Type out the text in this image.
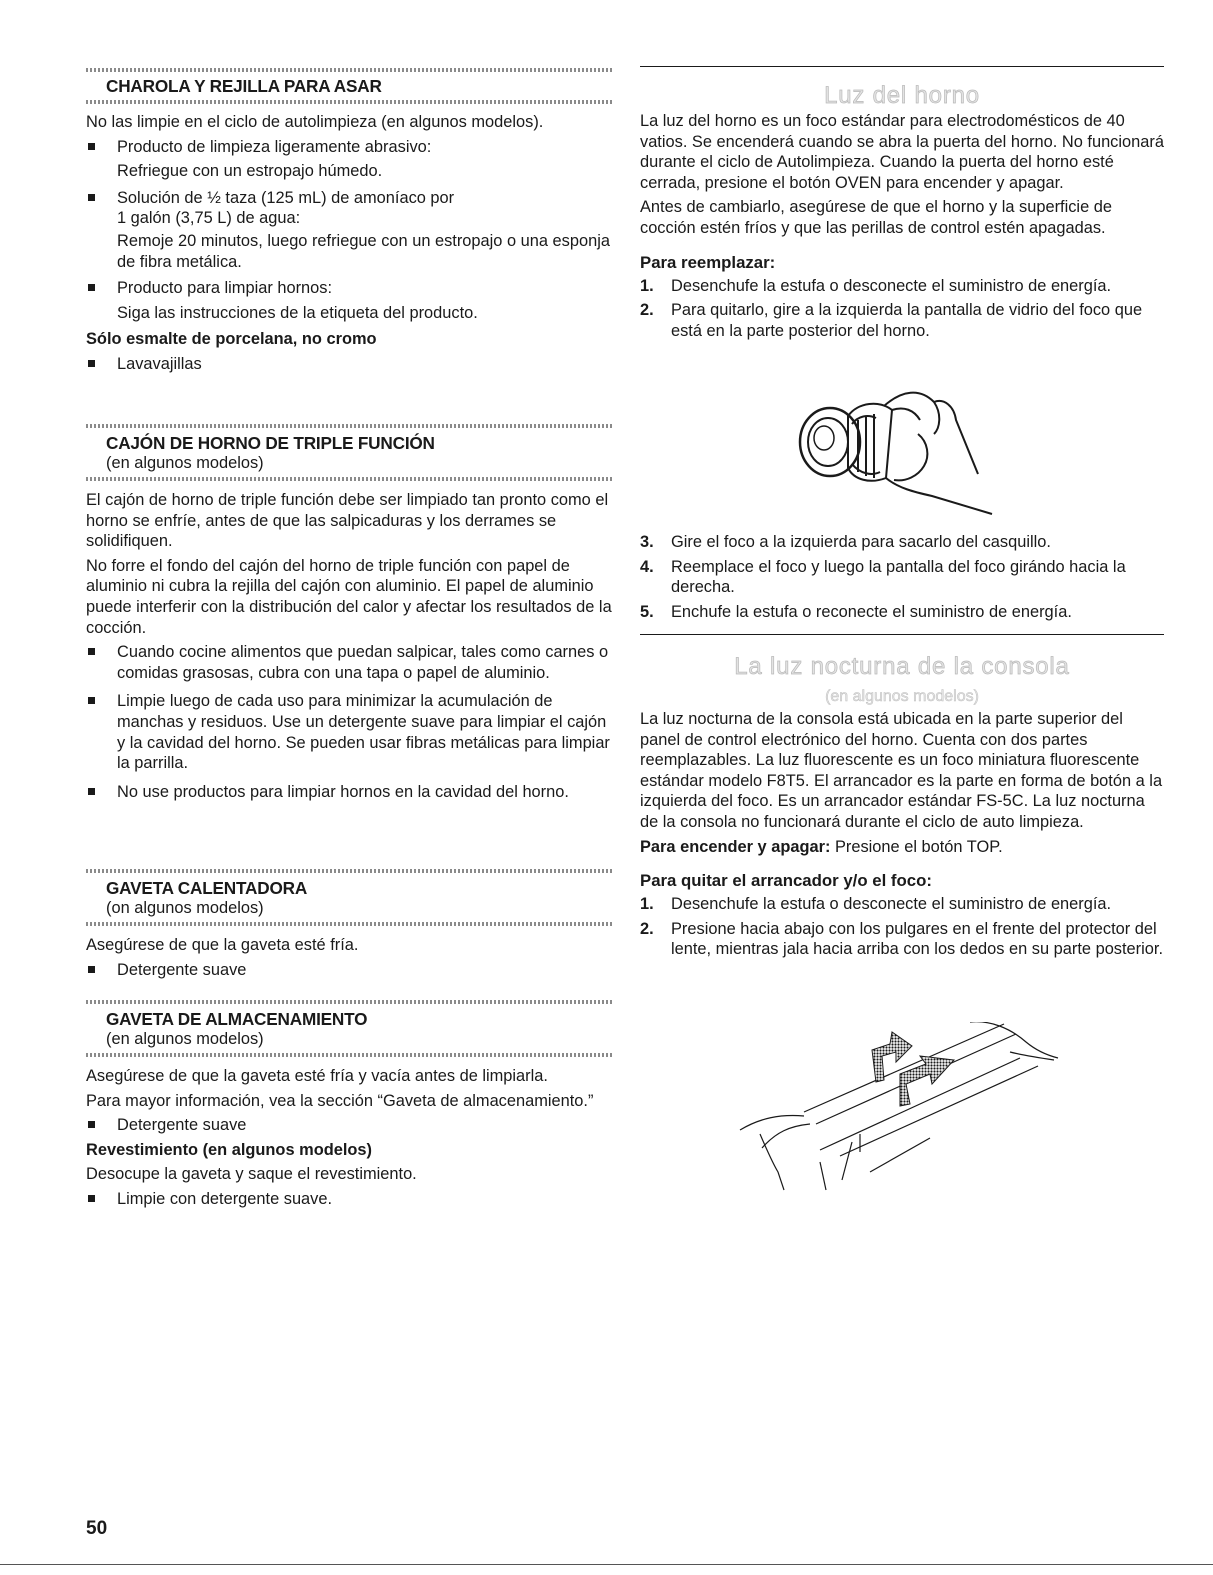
CHAROLA Y REJILLA PARA ASAR

No las limpie en el ciclo de autolimpieza (en algunos modelos).

Producto de limpieza ligeramente abrasivo:
Refriegue con un estropajo húmedo.
Solución de ½ taza (125 mL) de amoníaco por
1 galón (3,75 L) de agua:
Remoje 20 minutos, luego refriegue con un estropajo o una esponja de fibra metálica.
Producto para limpiar hornos:
Siga las instrucciones de la etiqueta del producto.

Sólo esmalte de porcelana, no cromo

Lavavajillas
CAJÓN DE HORNO DE TRIPLE FUNCIÓN
(en algunos modelos)

El cajón de horno de triple función debe ser limpiado tan pronto como el horno se enfríe, antes de que las salpicaduras y los derrames se solidifiquen.

No forre el fondo del cajón del horno de triple función con papel de aluminio ni cubra la rejilla del cajón con aluminio. El papel de aluminio puede interferir con la distribución del calor y afectar los resultados de la cocción.

Cuando cocine alimentos que puedan salpicar, tales como carnes o comidas grasosas, cubra con una tapa o papel de aluminio.
Limpie luego de cada uso para minimizar la acumulación de manchas y residuos. Use un detergente suave para limpiar el cajón y la cavidad del horno. Se pueden usar fibras metálicas para limpiar la parrilla.
No use productos para limpiar hornos en la cavidad del horno.
GAVETA CALENTADORA
(on algunos modelos)

Asegúrese de que la gaveta esté fría.

Detergente suave
GAVETA DE ALMACENAMIENTO
(en algunos modelos)

Asegúrese de que la gaveta esté fría y vacía antes de limpiarla.

Para mayor información, vea la sección “Gaveta de almacenamiento.”

Detergente suave

Revestimiento (en algunos modelos)

Desocupe la gaveta y saque el revestimiento.

Limpie con detergente suave.
Luz del horno

La luz del horno es un foco estándar para electrodomésticos de 40 vatios. Se encenderá cuando se abra la puerta del horno. No funcionará durante el ciclo de Autolimpieza. Cuando la puerta del horno esté cerrada, presione el botón OVEN para encender y apagar.

Antes de cambiarlo, asegúrese de que el horno y la superficie de cocción estén fríos y que las perillas de control estén apagadas.

Para reemplazar:
1. Desenchufe la estufa o desconecte el suministro de energía.
2. Para quitarlo, gire a la izquierda la pantalla de vidrio del foco que está en la parte posterior del horno.
3. Gire el foco a la izquierda para sacarlo del casquillo.
4. Reemplace el foco y luego la pantalla del foco girándo hacia la derecha.
5. Enchufe la estufa o reconecte el suministro de energía.
La luz nocturna de la consola
(en algunos modelos)

La luz nocturna de la consola está ubicada en la parte superior del panel de control electrónico del horno. Cuenta con dos partes reemplazables. La luz fluorescente es un foco miniatura fluorescente estándar modelo F8T5. El arrancador es la parte en forma de botón a la izquierda del foco. Es un arrancador estándar FS-5C. La luz nocturna de la consola no funcionará durante el ciclo de auto limpieza.

Para encender y apagar: Presione el botón TOP.

Para quitar el arrancador y/o el foco:
1. Desenchufe la estufa o desconecte el suministro de energía.
2. Presione hacia abajo con los pulgares en el frente del protector del lente, mientras jala hacia arriba con los dedos en su parte posterior.
50
